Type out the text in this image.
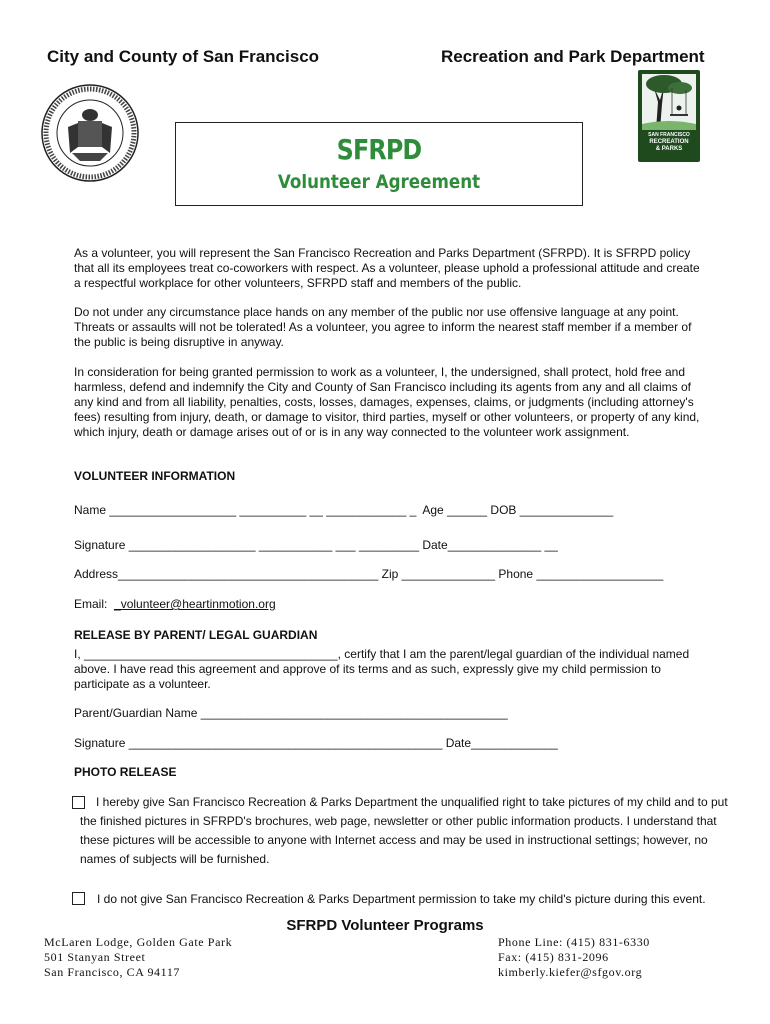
City and County of San Francisco	Recreation and Park Department
SAN FRANCISCO
RECREATION
& PARKS
SFRPD
Volunteer Agreement
As a volunteer, you will represent the San Francisco Recreation and Parks Department (SFRPD). It is SFRPD policy that all its employees treat co-coworkers with respect. As a volunteer, please uphold a professional attitude and create a respectful workplace for other volunteers, SFRPD staff and members of the public.
Do not under any circumstance place hands on any member of the public nor use offensive language at any point. Threats or assaults will not be tolerated! As a volunteer, you agree to inform the nearest staff member if a member of the public is being disruptive in anyway.
In consideration for being granted permission to work as a volunteer, I, the undersigned, shall protect, hold free and harmless, defend and indemnify the City and County of San Francisco including its agents from any and all claims of any kind and from all liability, penalties, costs, losses, damages, expenses, claims, or judgments (including attorney's fees) resulting from injury, death, or damage to visitor, third parties, myself or other volunteers, or property of any kind, which injury, death or damage arises out of or is in any way connected to the volunteer work assignment.
VOLUNTEER INFORMATION
Name ___________________ __________ __ ____________ _  Age ______ DOB ______________
Signature ___________________ ___________ ___ _________ Date______________ __
Address_______________________________________ Zip ______________ Phone ___________________
Email: _volunteer@heartinmotion.org
RELEASE BY PARENT/ LEGAL GUARDIAN
I, ______________________________________, certify that I am the parent/legal guardian of the individual named above. I have read this agreement and approve of its terms and as such, expressly give my child permission to participate as a volunteer.
Parent/Guardian Name ______________________________________________
Signature _______________________________________________ Date_____________
PHOTO RELEASE
I hereby give San Francisco Recreation & Parks Department the unqualified right to take pictures of my child and to put the finished pictures in SFRPD's brochures, web page, newsletter or other public information products. I understand that these pictures will be accessible to anyone with Internet access and may be used in instructional settings; however, no names of subjects will be furnished.
I do not give San Francisco Recreation & Parks Department permission to take my child's picture during this event.
SFRPD Volunteer Programs
McLaren Lodge, Golden Gate Park
501 Stanyan Street
San Francisco, CA 94117
Phone Line: (415) 831-6330
Fax: (415) 831-2096
kimberly.kiefer@sfgov.org
